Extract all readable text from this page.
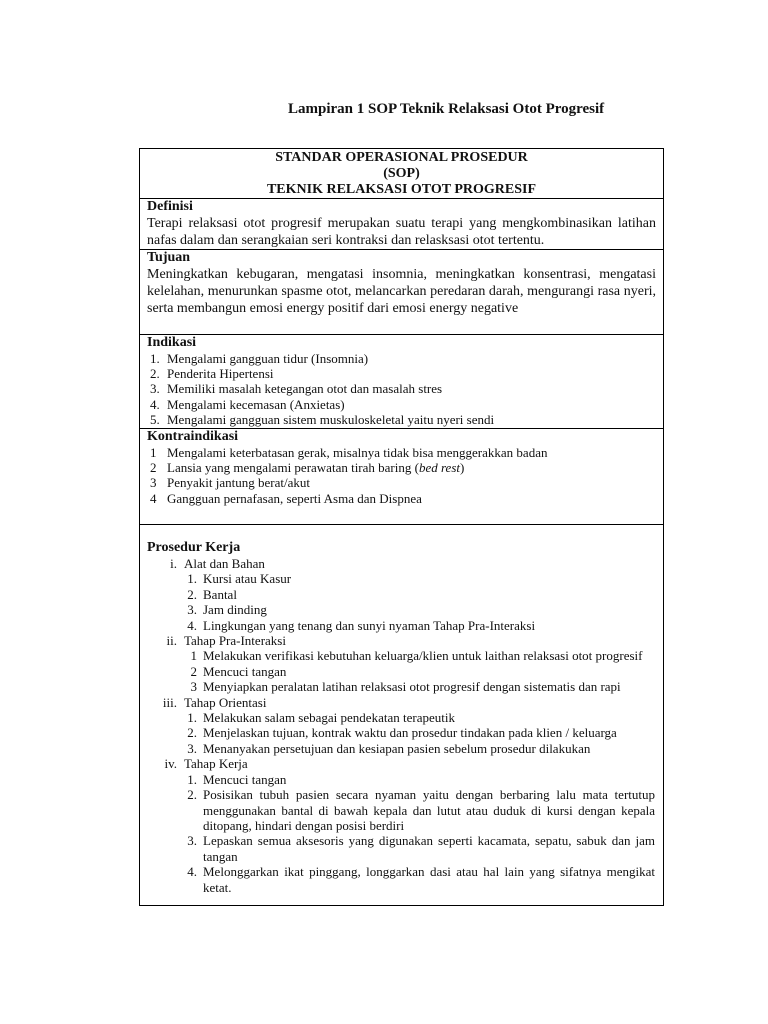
Lampiran 1 SOP Teknik Relaksasi Otot Progresif
STANDAR OPERASIONAL PROSEDUR
(SOP)
TEKNIK RELAKSASI OTOT PROGRESIF
Definisi
Terapi relaksasi otot progresif merupakan suatu terapi yang mengkombinasikan latihan nafas dalam dan serangkaian seri kontraksi dan relasksasi otot tertentu.
Tujuan
Meningkatkan kebugaran, mengatasi insomnia, meningkatkan konsentrasi, mengatasi kelelahan, menurunkan spasme otot, melancarkan peredaran darah, mengurangi rasa nyeri, serta membangun emosi energy positif dari emosi energy negative
Indikasi
1. Mengalami gangguan tidur (Insomnia)
2. Penderita Hipertensi
3. Memiliki masalah ketegangan otot dan masalah stres
4. Mengalami kecemasan (Anxietas)
5. Mengalami gangguan sistem muskuloskeletal yaitu nyeri sendi
Kontraindikasi
1 Mengalami keterbatasan gerak, misalnya tidak bisa menggerakkan badan
2 Lansia yang mengalami perawatan tirah baring (bed rest)
3 Penyakit jantung berat/akut
4 Gangguan pernafasan, seperti Asma dan Dispnea
Prosedur Kerja
i. Alat dan Bahan
1. Kursi atau Kasur
2. Bantal
3. Jam dinding
4. Lingkungan yang tenang dan sunyi nyaman Tahap Pra-Interaksi
ii. Tahap Pra-Interaksi
1 Melakukan verifikasi kebutuhan keluarga/klien untuk laithan relaksasi otot progresif
2 Mencuci tangan
3 Menyiapkan peralatan latihan relaksasi otot progresif dengan sistematis dan rapi
iii. Tahap Orientasi
1. Melakukan salam sebagai pendekatan terapeutik
2. Menjelaskan tujuan, kontrak waktu dan prosedur tindakan pada klien / keluarga
3. Menanyakan persetujuan dan kesiapan pasien sebelum prosedur dilakukan
iv. Tahap Kerja
1. Mencuci tangan
2. Posisikan tubuh pasien secara nyaman yaitu dengan berbaring lalu mata tertutup menggunakan bantal di bawah kepala dan lutut atau duduk di kursi dengan kepala ditopang, hindari dengan posisi berdiri
3. Lepaskan semua aksesoris yang digunakan seperti kacamata, sepatu, sabuk dan jam tangan
4. Melonggarkan ikat pinggang, longgarkan dasi atau hal lain yang sifatnya mengikat ketat.
